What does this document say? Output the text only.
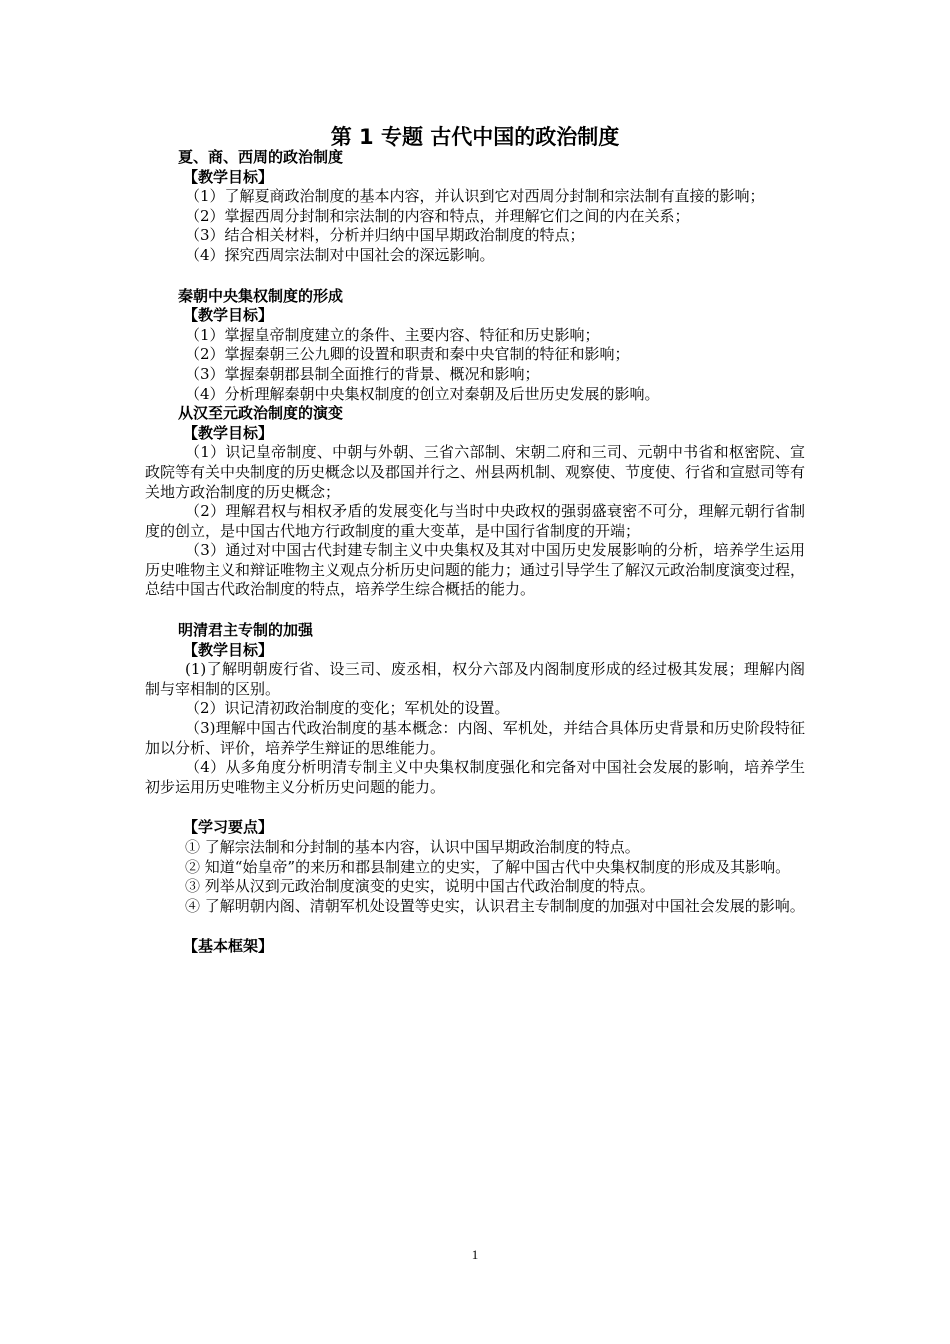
第 1 专题 古代中国的政治制度
夏、商、西周的政治制度
【教学目标】
（1）了解夏商政治制度的基本内容，并认识到它对西周分封制和宗法制有直接的影响；
（2）掌握西周分封制和宗法制的内容和特点，并理解它们之间的内在关系；
（3）结合相关材料，分析并归纳中国早期政治制度的特点；
（4）探究西周宗法制对中国社会的深远影响。
秦朝中央集权制度的形成
【教学目标】
（1）掌握皇帝制度建立的条件、主要内容、特征和历史影响；
（2）掌握秦朝三公九卿的设置和职责和秦中央官制的特征和影响；
（3）掌握秦朝郡县制全面推行的背景、概况和影响；
（4）分析理解秦朝中央集权制度的创立对秦朝及后世历史发展的影响。
从汉至元政治制度的演变
【教学目标】
（1）识记皇帝制度、中朝与外朝、三省六部制、宋朝二府和三司、元朝中书省和枢密院、宣政院等有关中央制度的历史概念以及郡国并行之、州县两机制、观察使、节度使、行省和宣慰司等有关地方政治制度的历史概念；
（2）理解君权与相权矛盾的发展变化与当时中央政权的强弱盛衰密不可分，理解元朝行省制度的创立，是中国古代地方行政制度的重大变革，是中国行省制度的开端；
（3）通过对中国古代封建专制主义中央集权及其对中国历史发展影响的分析，培养学生运用历史唯物主义和辩证唯物主义观点分析历史问题的能力；通过引导学生了解汉元政治制度演变过程，总结中国古代政治制度的特点，培养学生综合概括的能力。
明清君主专制的加强
【教学目标】
(1)了解明朝废行省、设三司、废丞相，权分六部及内阁制度形成的经过极其发展；理解内阁制与宰相制的区别。
（2）识记清初政治制度的变化；军机处的设置。
（3)理解中国古代政治制度的基本概念：内阁、军机处，并结合具体历史背景和历史阶段特征加以分析、评价，培养学生辩证的思维能力。
（4）从多角度分析明清专制主义中央集权制度强化和完备对中国社会发展的影响，培养学生初步运用历史唯物主义分析历史问题的能力。
【学习要点】
① 了解宗法制和分封制的基本内容，认识中国早期政治制度的特点。
② 知道“始皇帝”的来历和郡县制建立的史实，了解中国古代中央集权制度的形成及其影响。
③ 列举从汉到元政治制度演变的史实，说明中国古代政治制度的特点。
④ 了解明朝内阁、清朝军机处设置等史实，认识君主专制制度的加强对中国社会发展的影响。
【基本框架】
1
